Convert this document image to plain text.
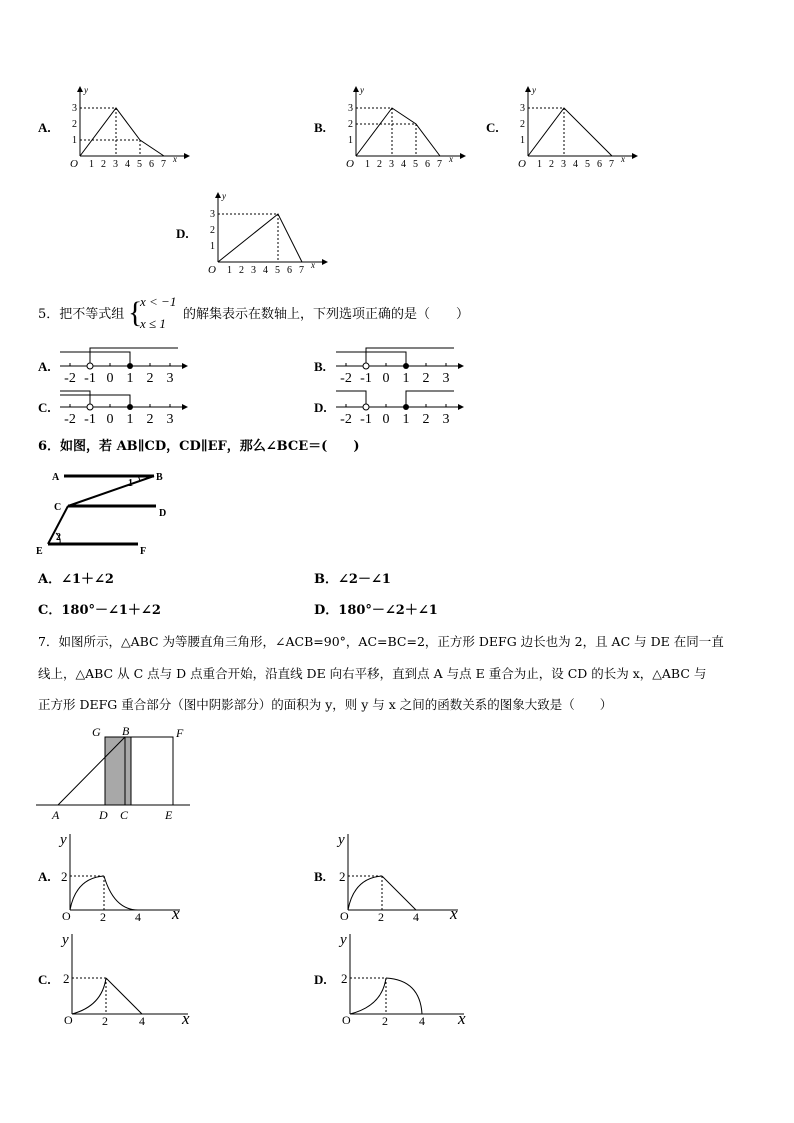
A.
y
x
O
1
2
3
1 2 3 4 5 6 7
B.
y
x
O
1
2
3
1 2 3 4 5 6 7
C.
y
x
O
1
2
3
1 2 3 4 5 6 7
D.
y
x
O
1
2
3
1 2 3 4 5 6 7
5．把不等式组 {
x < −1
x ≤ 1
的解集表示在数轴上，下列选项正确的是（　　）
A.
-2 -1 0 1 2 3
B.
-2 -1 0 1 2 3
C.
-2 -1 0 1 2 3
D.
-2 -1 0 1 2 3
6．如图，若 AB∥CD，CD∥EF，那么∠BCE＝(　　)
A	B
C
D
E	F
1
2
A．∠1＋∠2	B．∠2－∠1
C．180°－∠1＋∠2	D．180°－∠2＋∠1
7．如图所示，△ABC 为等腰直角三角形，∠ACB=90°，AC=BC=2，正方形 DEFG 边长也为 2，且 AC 与 DE 在同一直
线上，△ABC 从 C 点与 D 点重合开始，沿直线 DE 向右平移，直到点 A 与点 E 重合为止，设 CD 的长为 x，△ABC 与
正方形 DEFG 重合部分（图中阴影部分）的面积为 y，则 y 与 x 之间的函数关系的图象大致是（　　）
G B	F
A	D C	E
A.
y
x
2
O 2 4
B.
y
x
2
O 2 4
C.
y
x
2
O 2	4
D.
y
x
2
O	2	4
